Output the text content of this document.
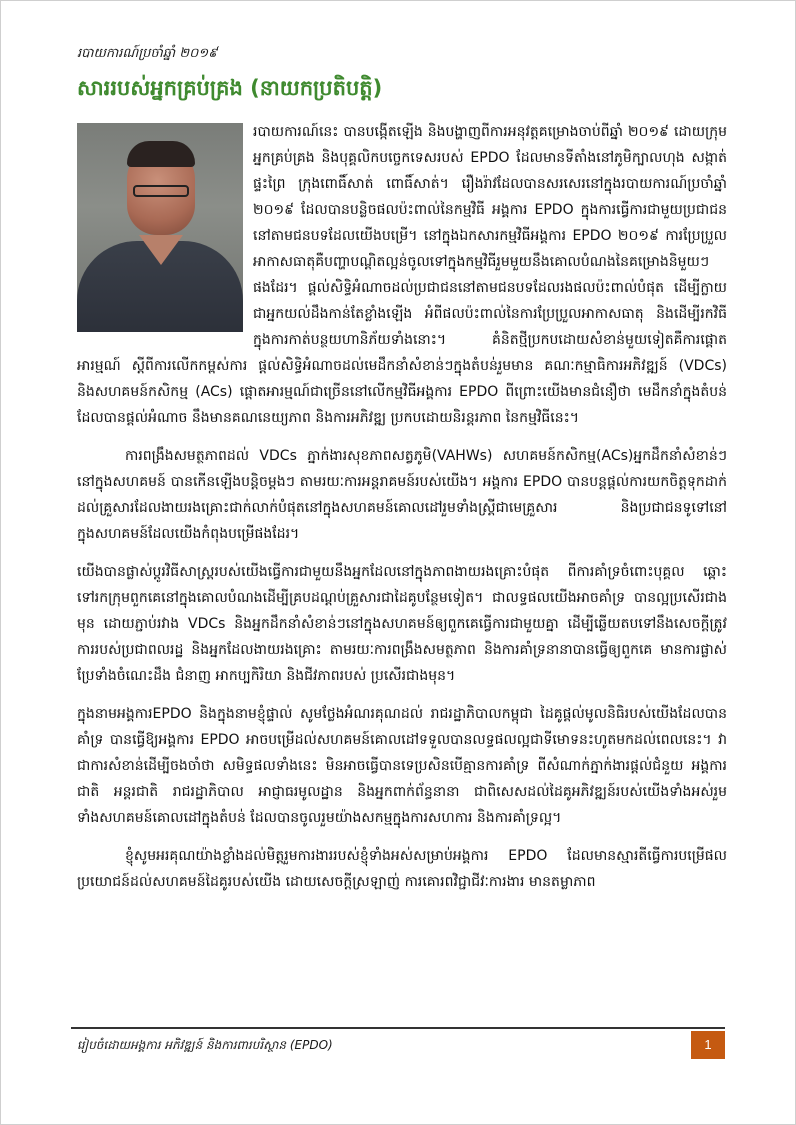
របាយការណ៍ប្រចាំឆ្នាំ ២០១៩
សាររបស់អ្នកគ្រប់គ្រង (នាយកប្រតិបត្តិ)

របាយការណ៍នេះ បានបង្កើតឡើង និងបង្ហាញពីការអនុវត្តគម្រោងចាប់ពីឆ្នាំ ២០១៩ ដោយក្រុមអ្នកគ្រប់គ្រង និងបុគ្គលិកបច្ចេកទេសរបស់ EPDO ដែលមានទីតាំងនៅភូមិក្បាលហុង សង្កាត់ផ្ទះព្រៃ ក្រុងពោធិ៍សាត់ ពោធិ៍សាត់។ រឿងរ៉ាវដែលបានសរសេរនៅក្នុងរបាយការណ៍ប្រចាំឆ្នាំ ២០១៩ ដែលបានបន្លិចផលប៉ះពាល់នៃកម្មវិធី អង្គការ EPDO ក្នុងការធ្វើការជាមួយប្រជាជននៅតាមជនបទដែលយើងបម្រើ។ នៅក្នុងឯកសារកម្មវិធីអង្គការ EPDO ២០១៩ ការប្រែប្រួលអាកាសធាតុគឺបញ្ហាបណ្ដិតល្អន់ចូលទៅក្នុងកម្មវិធីរួមមួយនឹងគោលបំណងនៃគម្រោងនិមួយៗផងដែរ។ ផ្ដល់សិទ្ធិអំណាចដល់ប្រជាជននៅតាមជនបទដែលរងផលប៉ះពាល់បំផុត ដើម្បីក្លាយជាអ្នកយល់ដឹងកាន់តែខ្លាំងឡើង អំពីផលប៉ះពាល់នៃការប្រែប្រួលអាកាសធាតុ និងដើម្បីរកវិធីក្នុងការកាត់បន្ថយហានិភ័យទាំងនោះ។ គំនិតថ្មីប្រកបដោយសំខាន់មួយទៀតគឺការផ្ដោតអារម្មណ៍ ស្ដីពីការលើកកម្ពស់ការ ផ្ដល់សិទ្ធិអំណាចដល់មេដឹកនាំសំខាន់ៗក្នុងតំបន់រួមមាន គណៈកម្មាធិការអភិវឌ្ឍន៍ (VDCs) និងសហគមន៍កសិកម្ម (ACs) ផ្ដោតអារម្មណ៍ជាច្រើននៅលើកម្មវិធីអង្គការ EPDO ពីព្រោះយើងមានជំនឿថា មេដឹកនាំក្នុងតំបន់ដែលបានផ្ដល់អំណាច នឹងមានគណនេយ្យភាព និងការអភិវឌ្ឍ ប្រកបដោយនិរន្តរភាព នៃកម្មវិធីនេះ។

ការពង្រឹងសមត្ថភាពដល់ VDCs ភ្នាក់ងារសុខភាពសត្វភូមិ(VAHWs) សហគមន៍កសិកម្ម(ACs)អ្នកដឹកនាំសំខាន់ៗនៅក្នុងសហគមន៍ បានកើនឡើងបន្តិចម្ដងៗ តាមរយៈការអន្តរាគមន៍របស់យើង។ អង្គការ EPDO បានបន្តផ្ដល់ការយកចិត្តទុកដាក់ដល់គ្រួសារដែលងាយរងគ្រោះជាក់លាក់បំផុតនៅក្នុងសហគមន៍គោលដៅរួមទាំងស្ត្រីជាមេគ្រួសារ និងប្រជាជនទូទៅនៅក្នុងសហគមន៍ដែលយើងកំពុងបម្រើផងដែរ។

យើងបានផ្លាស់ប្ដូរវិធីសាស្ត្ររបស់យើងធ្វើការជាមួយនឹងអ្នកដែលនៅក្នុងភាពងាយរងគ្រោះបំផុត ពីការគាំទ្រចំពោះបុគ្គល ឆ្ពោះទៅរកក្រុមពួកគេនៅក្នុងគោលបំណងដើម្បីគ្របដណ្ដប់គ្រួសារជាដៃគូបន្ថែមទៀត។ ជាលទ្ធផលយើងអាចគាំទ្រ បានល្អប្រសើរជាងមុន ដោយភ្ជាប់រវាង VDCs និងអ្នកដឹកនាំសំខាន់ៗនៅក្នុងសហគមន៍ឲ្យពួកគេធ្វើការជាមួយគ្នា ដើម្បីឆ្លើយតបទៅនឹងសេចក្ដីត្រូវការរបស់ប្រជាពលរដ្ឋ និងអ្នកដែលងាយរងគ្រោះ តាមរយៈការពង្រឹងសមត្ថភាព និងការគាំទ្រនានាបានធ្វើឲ្យពួកគេ មានការផ្លាស់ប្រែទាំងចំណេះដឹង ជំនាញ អាកប្បកិរិយា និងជីវភាពរបស់ ប្រសើរជាងមុន។

ក្នុងនាមអង្គការEPDO និងក្នុងនាមខ្ញុំផ្ទាល់ សូមថ្លែងអំណរគុណដល់ រាជរដ្ឋាភិបាលកម្ពុជា ដៃគូផ្ដល់មូលនិធិរបស់យើងដែលបានគាំទ្រ បានធ្វើឱ្យអង្គការ EPDO អាចបម្រើដល់សហគមន៍គោលដៅទទួលបានលទ្ធផលល្អជាទីមោទនះហូតមកដល់ពេលនេះ។ វាជាការសំខាន់ដើម្បីចងចាំថា សមិទ្ធផលទាំងនេះ មិនអាចធ្វើបានទេប្រសិនបើគ្មានការគាំទ្រ ពីសំណាក់ភ្នាក់ងារផ្ដល់ជំនួយ អង្គការជាតិ អន្តរជាតិ រាជរដ្ឋាភិបាល អាជ្ញាធរមូលដ្ឋាន និងអ្នកពាក់ព័ន្ធនានា ជាពិសេសដល់ដៃគូអភិវឌ្ឍន៍របស់យើងទាំងអស់រួមទាំងសហគមន៍គោលដៅក្នុងតំបន់ ដែលបានចូលរួមយ៉ាងសកម្មក្នុងការសហការ និងការគាំទ្រល្អ។

ខ្ញុំសូមអរគុណយ៉ាងខ្លាំងដល់មិត្តរួមការងាររបស់ខ្ញុំទាំងអស់សម្រាប់អង្គការ EPDO ដែលមានស្មារតីធ្វើការបម្រើផលប្រយោជន៍ដល់សហគមន៍ដៃគូរបស់យើង ដោយសេចក្ដីស្រឡាញ់ ការគោរពវិជ្ជាជីវៈការងារ មានតម្លាភាព

រៀបចំដោយអង្គការ អភិវឌ្ឍន៍ និងការពារបរិស្ថាន (EPDO)	1
